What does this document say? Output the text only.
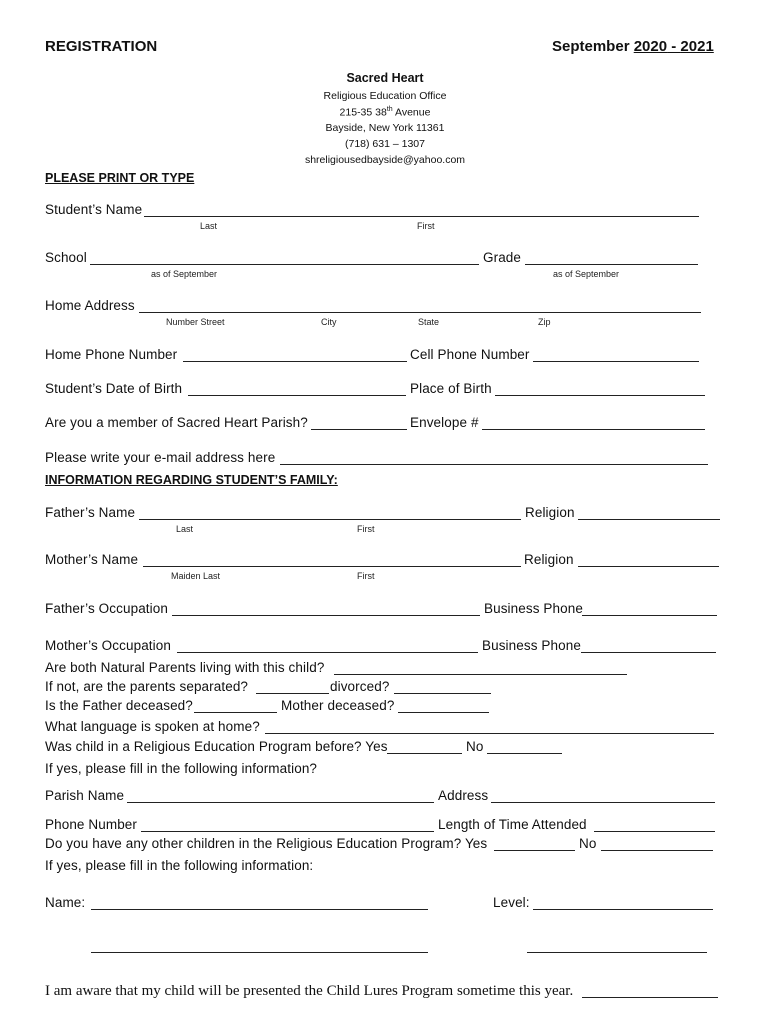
REGISTRATION	September 2020 - 2021
Sacred Heart
Religious Education Office
215-35 38th Avenue
Bayside, New York 11361
(718) 631 – 1307
shreligiousedbayside@yahoo.com
PLEASE PRINT OR TYPE
Student’s Name
Last	First
School	Grade
as of September	as of September
Home Address
Number Street	City	State	Zip
Home Phone Number	Cell Phone Number
Student’s Date of Birth	Place of Birth
Are you a member of Sacred Heart Parish?	Envelope #
Please write your e-mail address here
INFORMATION REGARDING STUDENT’S FAMILY:
Father’s Name	Religion
Last	First
Mother’s Name	Religion
Maiden Last	First
Father’s Occupation	Business Phone
Mother’s Occupation	Business Phone
Are both Natural Parents living with this child?
If not, are the parents separated?	divorced?
Is the Father deceased?	Mother deceased?
What language is spoken at home?
Was child in a Religious Education Program before? Yes	No
If yes, please fill in the following information?
Parish Name	Address
Phone Number	Length of Time Attended
Do you have any other children in the Religious Education Program? Yes	No
If yes, please fill in the following information:
Name:	Level:
I am aware that my child will be presented the Child Lures Program sometime this year.
